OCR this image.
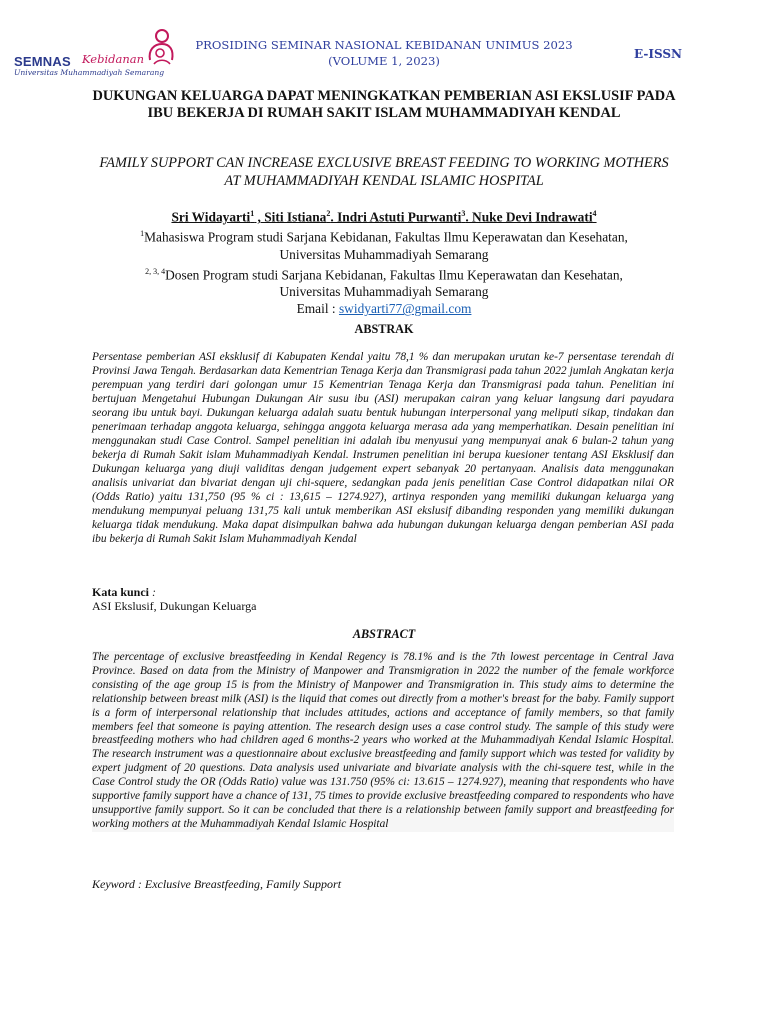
SEMNAS Kebidanan
Universitas Muhammadiyah Semarang
PROSIDING SEMINAR NASIONAL KEBIDANAN UNIMUS 2023
(VOLUME 1, 2023)	E-ISSN
DUKUNGAN KELUARGA DAPAT MENINGKATKAN PEMBERIAN ASI EKSLUSIF PADA IBU BEKERJA DI RUMAH SAKIT ISLAM MUHAMMADIYAH KENDAL
FAMILY SUPPORT CAN INCREASE EXCLUSIVE BREAST FEEDING TO WORKING MOTHERS AT MUHAMMADIYAH KENDAL ISLAMIC HOSPITAL
Sri Widayarti$^1$ , Siti Istiana$^2$. Indri Astuti Purwanti$^3$. Nuke Devi Indrawati$^4$
$^1$Mahasiswa Program studi Sarjana Kebidanan, Fakultas Ilmu Keperawatan dan Kesehatan,
Universitas Muhammadiyah Semarang
$^{2, 3, 4}$Dosen Program studi Sarjana Kebidanan, Fakultas Ilmu Keperawatan dan Kesehatan,
Universitas Muhammadiyah Semarang
Email : swidyarti77@gmail.com
ABSTRAK
Persentase pemberian ASI eksklusif di Kabupaten Kendal yaitu 78,1 % dan merupakan urutan ke-7 persentase terendah di Provinsi Jawa Tengah. Berdasarkan data Kementrian Tenaga Kerja dan Transmigrasi pada tahun 2022 jumlah Angkatan kerja perempuan yang terdiri dari golongan umur 15 Kementrian Tenaga Kerja dan Transmigrasi pada tahun. Penelitian ini bertujuan Mengetahui Hubungan Dukungan Air susu ibu (ASI) merupakan cairan yang keluar langsung dari payudara seorang ibu untuk bayi. Dukungan keluarga adalah suatu bentuk hubungan interpersonal yang meliputi sikap, tindakan dan penerimaan terhadap anggota keluarga, sehingga anggota keluarga merasa ada yang memperhatikan. Desain penelitian ini menggunakan studi Case Control. Sampel penelitian ini adalah ibu menyusui yang mempunyai anak 6 bulan-2 tahun yang bekerja di Rumah Sakit islam Muhammadiyah Kendal. Instrumen penelitian ini berupa kuesioner tentang ASI Eksklusif dan Dukungan keluarga yang diuji validitas dengan judgement expert sebanyak 20 pertanyaan. Analisis data menggunakan analisis univariat dan bivariat dengan uji chi-squere, sedangkan pada jenis penelitian Case Control didapatkan nilai OR (Odds Ratio) yaitu 131,750 (95 % ci : 13,615 – 1274.927), artinya responden yang memiliki dukungan keluarga yang mendukung mempunyai peluang 131,75 kali untuk memberikan ASI ekslusif dibanding responden yang memiliki dukungan keluarga tidak mendukung. Maka dapat disimpulkan bahwa ada hubungan dukungan keluarga dengan pemberian ASI pada ibu bekerja di Rumah Sakit Islam Muhammadiyah Kendal
Kata kunci :
ASI Ekslusif, Dukungan Keluarga
ABSTRACT
The percentage of exclusive breastfeeding in Kendal Regency is 78.1% and is the 7th lowest percentage in Central Java Province. Based on data from the Ministry of Manpower and Transmigration in 2022 the number of the female workforce consisting of the age group 15 is from the Ministry of Manpower and Transmigration in. This study aims to determine the relationship between breast milk (ASI) is the liquid that comes out directly from a mother's breast for the baby. Family support is a form of interpersonal relationship that includes attitudes, actions and acceptance of family members, so that family members feel that someone is paying attention. The research design uses a case control study. The sample of this study were breastfeeding mothers who had children aged 6 months-2 years who worked at the Muhammadiyah Kendal Islamic Hospital. The research instrument was a questionnaire about exclusive breastfeeding and family support which was tested for validity by expert judgment of 20 questions. Data analysis used univariate and bivariate analysis with the chi-squere test, while in the Case Control study the OR (Odds Ratio) value was 131.750 (95% ci: 13.615 – 1274.927), meaning that respondents who have supportive family support have a chance of 131, 75 times to provide exclusive breastfeeding compared to respondents who have unsupportive family support. So it can be concluded that there is a relationship between family support and breastfeeding for working mothers at the Muhammadiyah Kendal Islamic Hospital
Keyword : Exclusive Breastfeeding, Family Support
